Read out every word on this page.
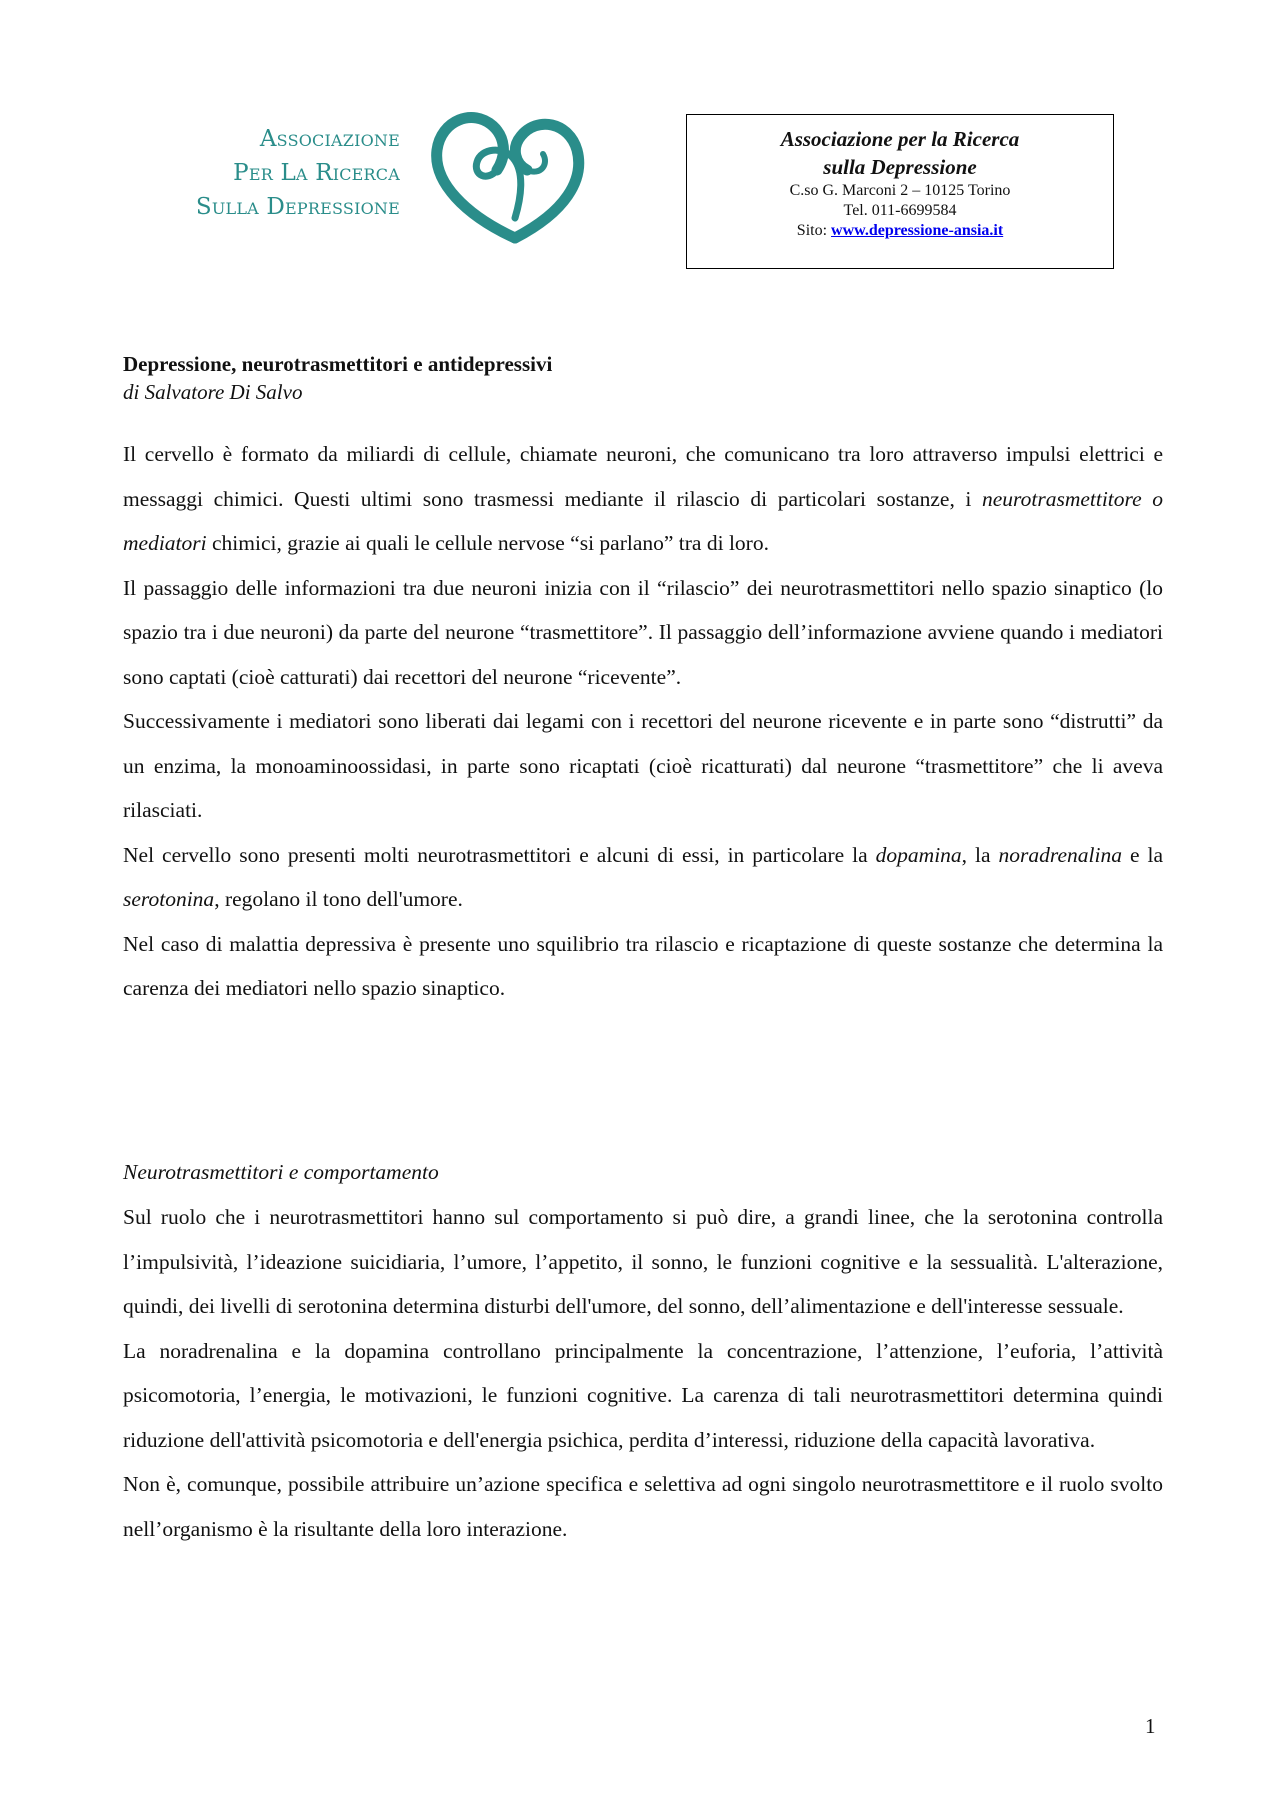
Associazione
Per La Ricerca
Sulla Depressione
Associazione per la Ricerca
sulla Depressione
C.so G. Marconi 2 – 10125 Torino
Tel. 011-6699584
Sito: www.depressione-ansia.it
Depressione, neurotrasmettitori e antidepressivi
di Salvatore Di Salvo

Il cervello è formato da miliardi di cellule, chiamate neuroni, che comunicano tra loro attraverso impulsi elettrici e messaggi chimici. Questi ultimi sono trasmessi mediante il rilascio di particolari sostanze, i neurotrasmettitore o mediatori chimici, grazie ai quali le cellule nervose “si parlano” tra di loro.

Il passaggio delle informazioni tra due neuroni inizia con il “rilascio” dei neurotrasmettitori nello spazio sinaptico (lo spazio tra i due neuroni) da parte del neurone “trasmettitore”. Il passaggio dell’informazione avviene quando i mediatori sono captati (cioè catturati) dai recettori del neurone “ricevente”.

Successivamente i mediatori sono liberati dai legami con i recettori del neurone ricevente e in parte sono “distrutti” da un enzima, la monoaminoossidasi, in parte sono ricaptati (cioè ricatturati) dal neurone “trasmettitore” che li aveva rilasciati.

Nel cervello sono presenti molti neurotrasmettitori e alcuni di essi, in particolare la dopamina, la noradrenalina e la serotonina, regolano il tono dell'umore.

Nel caso di malattia depressiva è presente uno squilibrio tra rilascio e ricaptazione di queste sostanze che determina la carenza dei mediatori nello spazio sinaptico.

Neurotrasmettitori e comportamento

Sul ruolo che i neurotrasmettitori hanno sul comportamento si può dire, a grandi linee, che la serotonina controlla l’impulsività, l’ideazione suicidiaria, l’umore, l’appetito, il sonno, le funzioni cognitive e la sessualità. L'alterazione, quindi, dei livelli di serotonina determina disturbi dell'umore, del sonno, dell’alimentazione e dell'interesse sessuale.

La noradrenalina e la dopamina controllano principalmente la concentrazione, l’attenzione, l’euforia, l’attività psicomotoria, l’energia, le motivazioni, le funzioni cognitive. La carenza di tali neurotrasmettitori determina quindi riduzione dell'attività psicomotoria e dell'energia psichica, perdita d’interessi, riduzione della capacità lavorativa.

Non è, comunque, possibile attribuire un’azione specifica e selettiva ad ogni singolo neurotrasmettitore e il ruolo svolto nell’organismo è la risultante della loro interazione.

1
